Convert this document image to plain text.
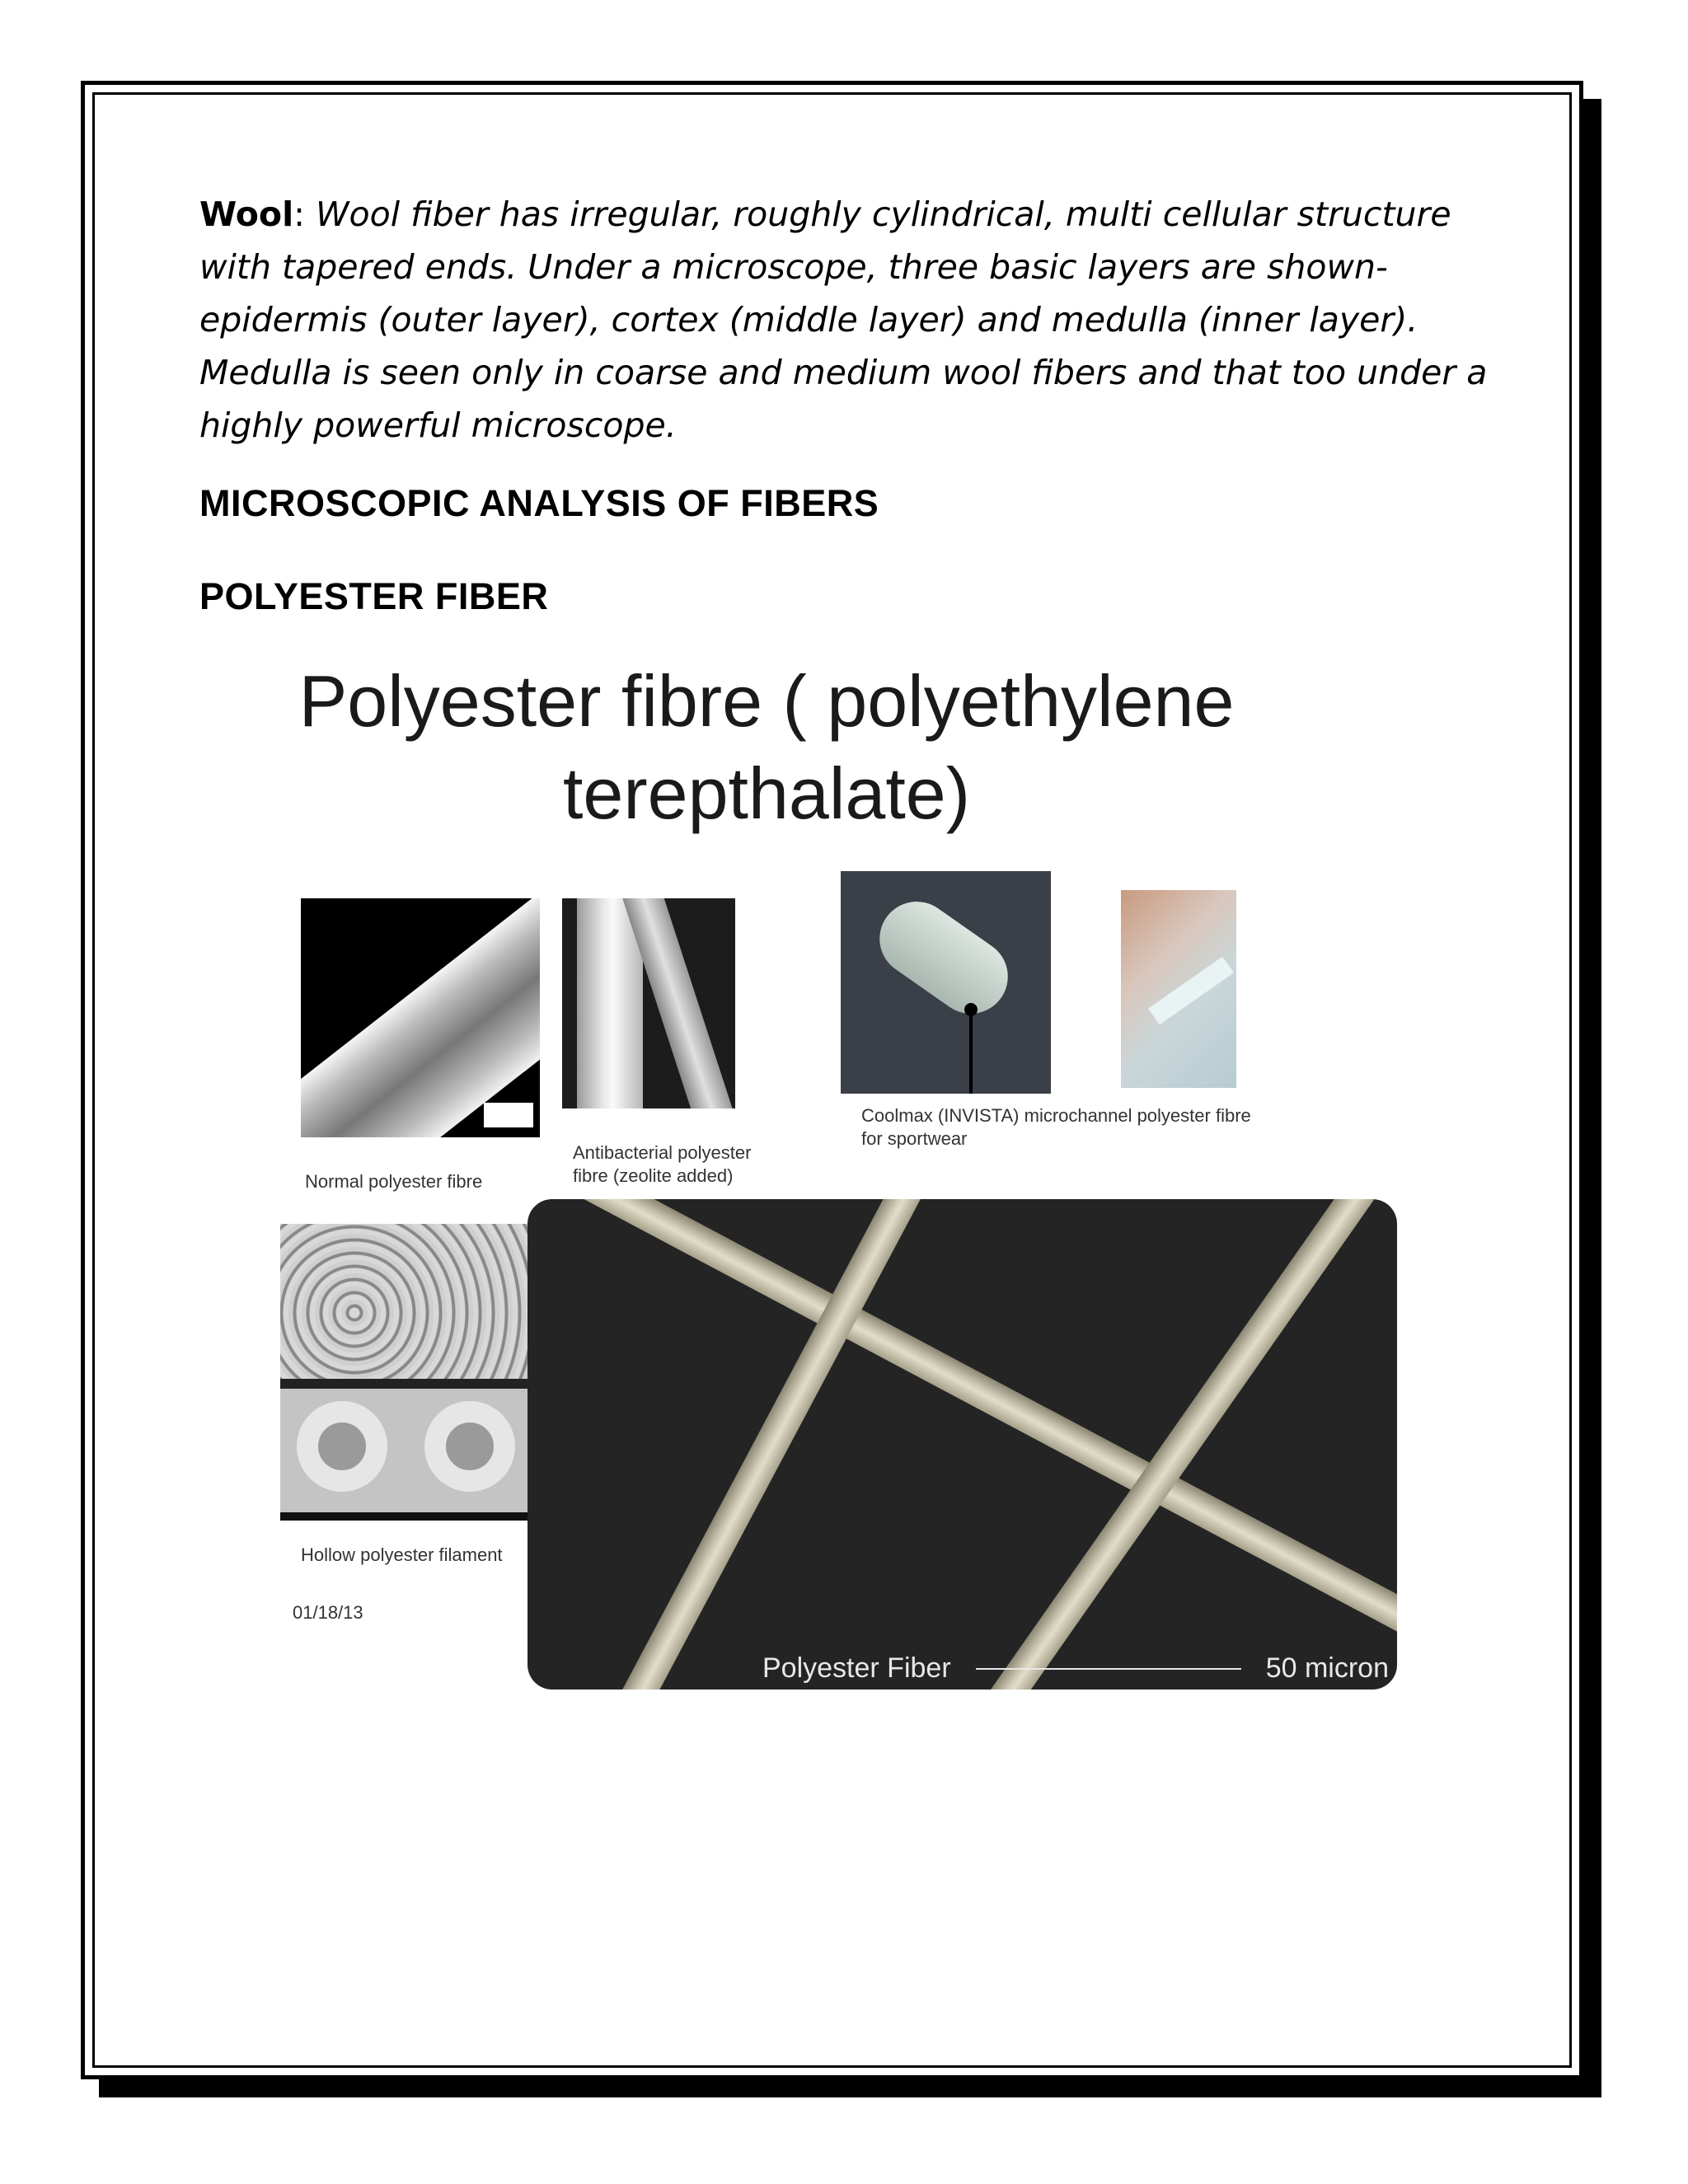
Wool: Wool fiber has irregular, roughly cylindrical, multi cellular structure with tapered ends. Under a microscope, three basic layers are shown- epidermis (outer layer), cortex (middle layer) and medulla (inner layer). Medulla is seen only in coarse and medium wool fibers and that too under a highly powerful microscope.

MICROSCOPIC ANALYSIS OF FIBERS
POLYESTER FIBER
Polyester fibre ( polyethylene
terepthalate)
Normal polyester fibre
Antibacterial polyester
fibre (zeolite added)
Coolmax (INVISTA) microchannel polyester fibre
for sportwear
Hollow polyester filament
01/18/13
Polyester Fiber	50 micron
